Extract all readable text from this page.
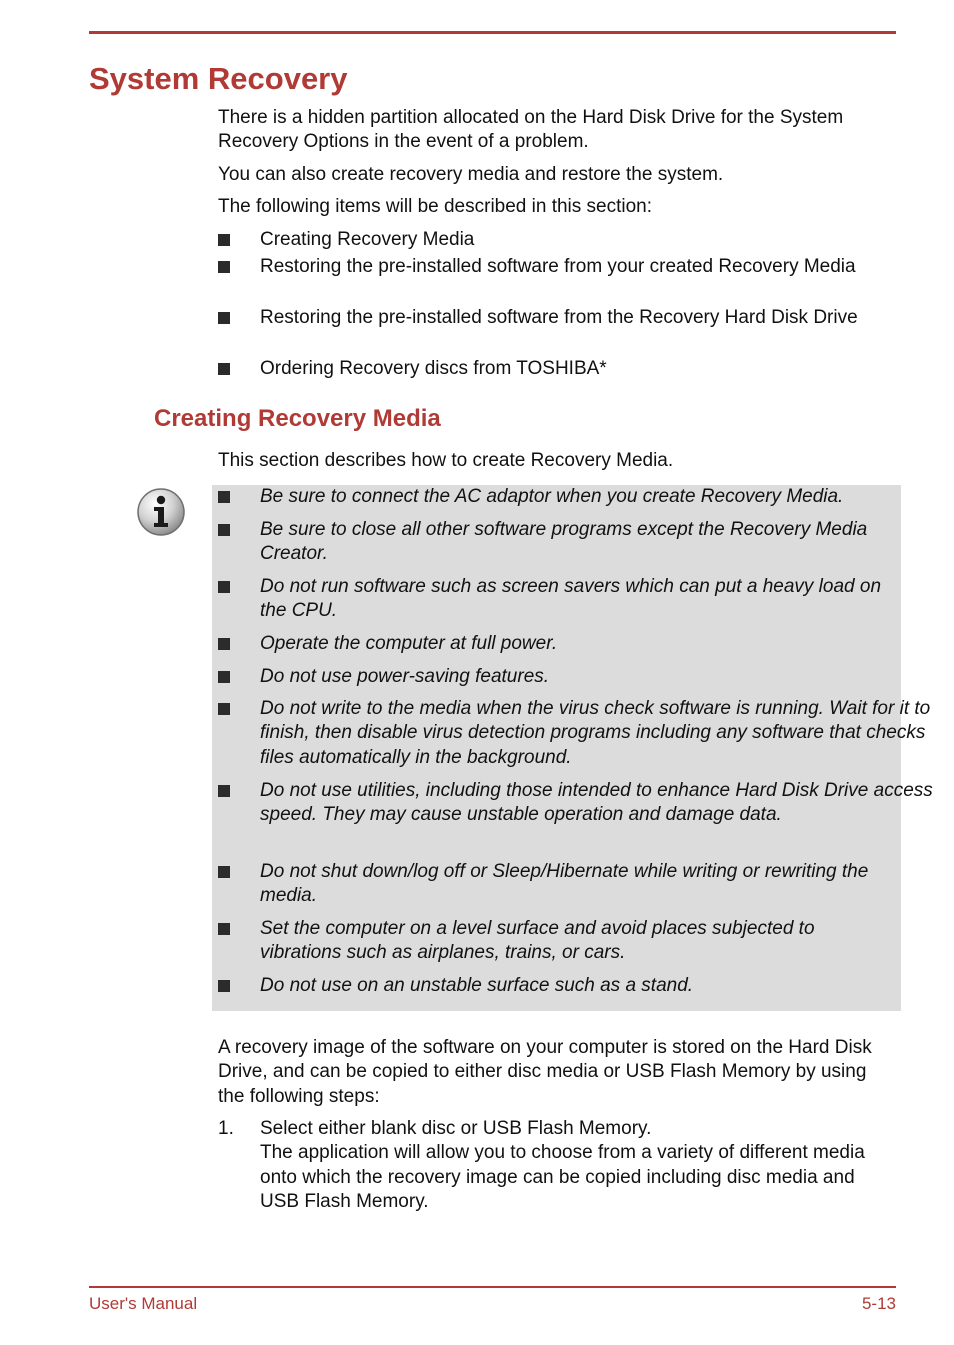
System Recovery

There is a hidden partition allocated on the Hard Disk Drive for the System Recovery Options in the event of a problem.

You can also create recovery media and restore the system.

The following items will be described in this section:

Creating Recovery Media
Restoring the pre-installed software from your created Recovery Media
Restoring the pre-installed software from the Recovery Hard Disk Drive
Ordering Recovery discs from TOSHIBA*
Creating Recovery Media

This section describes how to create Recovery Media.

Be sure to connect the AC adaptor when you create Recovery Media.
Be sure to close all other software programs except the Recovery Media Creator.
Do not run software such as screen savers which can put a heavy load on the CPU.
Operate the computer at full power.
Do not use power-saving features.
Do not write to the media when the virus check software is running. Wait for it to finish, then disable virus detection programs including any software that checks files automatically in the background.
Do not use utilities, including those intended to enhance Hard Disk Drive access speed. They may cause unstable operation and damage data.
Do not shut down/log off or Sleep/Hibernate while writing or rewriting the media.
Set the computer on a level surface and avoid places subjected to vibrations such as airplanes, trains, or cars.
Do not use on an unstable surface such as a stand.

A recovery image of the software on your computer is stored on the Hard Disk Drive, and can be copied to either disc media or USB Flash Memory by using the following steps:

1. Select either blank disc or USB Flash Memory.
The application will allow you to choose from a variety of different media onto which the recovery image can be copied including disc media and USB Flash Memory.
User's Manual	5-13
